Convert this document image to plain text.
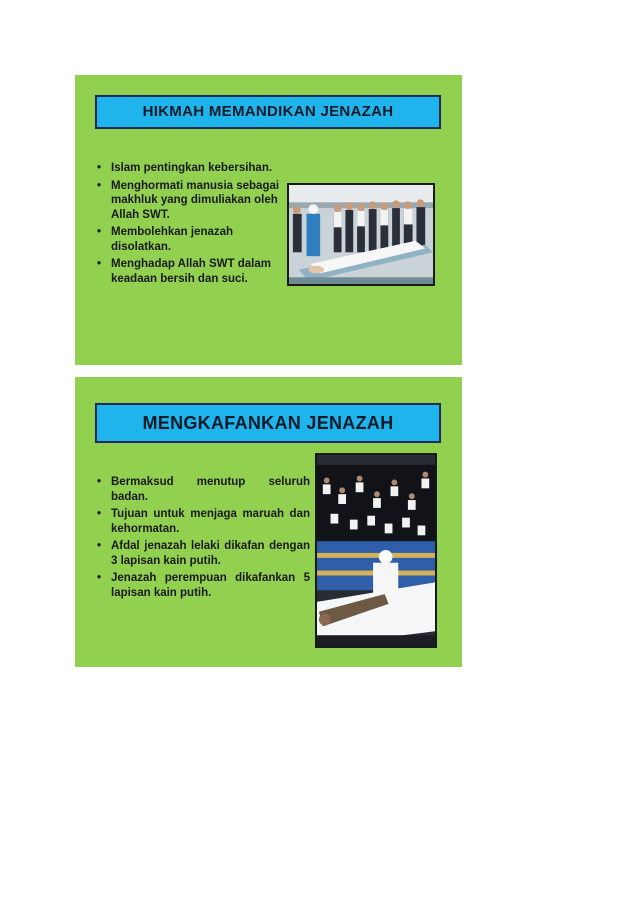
HIKMAH MEMANDIKAN JENAZAH
• Islam pentingkan kebersihan.
• Menghormati manusia sebagai makhluk yang dimuliakan oleh Allah SWT.
• Membolehkan jenazah disolatkan.
• Menghadap Allah SWT dalam keadaan bersih dan suci.
MENGKAFANKAN JENAZAH
• Bermaksud menutup seluruh badan.
• Tujuan untuk menjaga maruah dan kehormatan.
• Afdal jenazah lelaki dikafan dengan 3 lapisan kain putih.
• Jenazah perempuan dikafankan 5 lapisan kain putih.
